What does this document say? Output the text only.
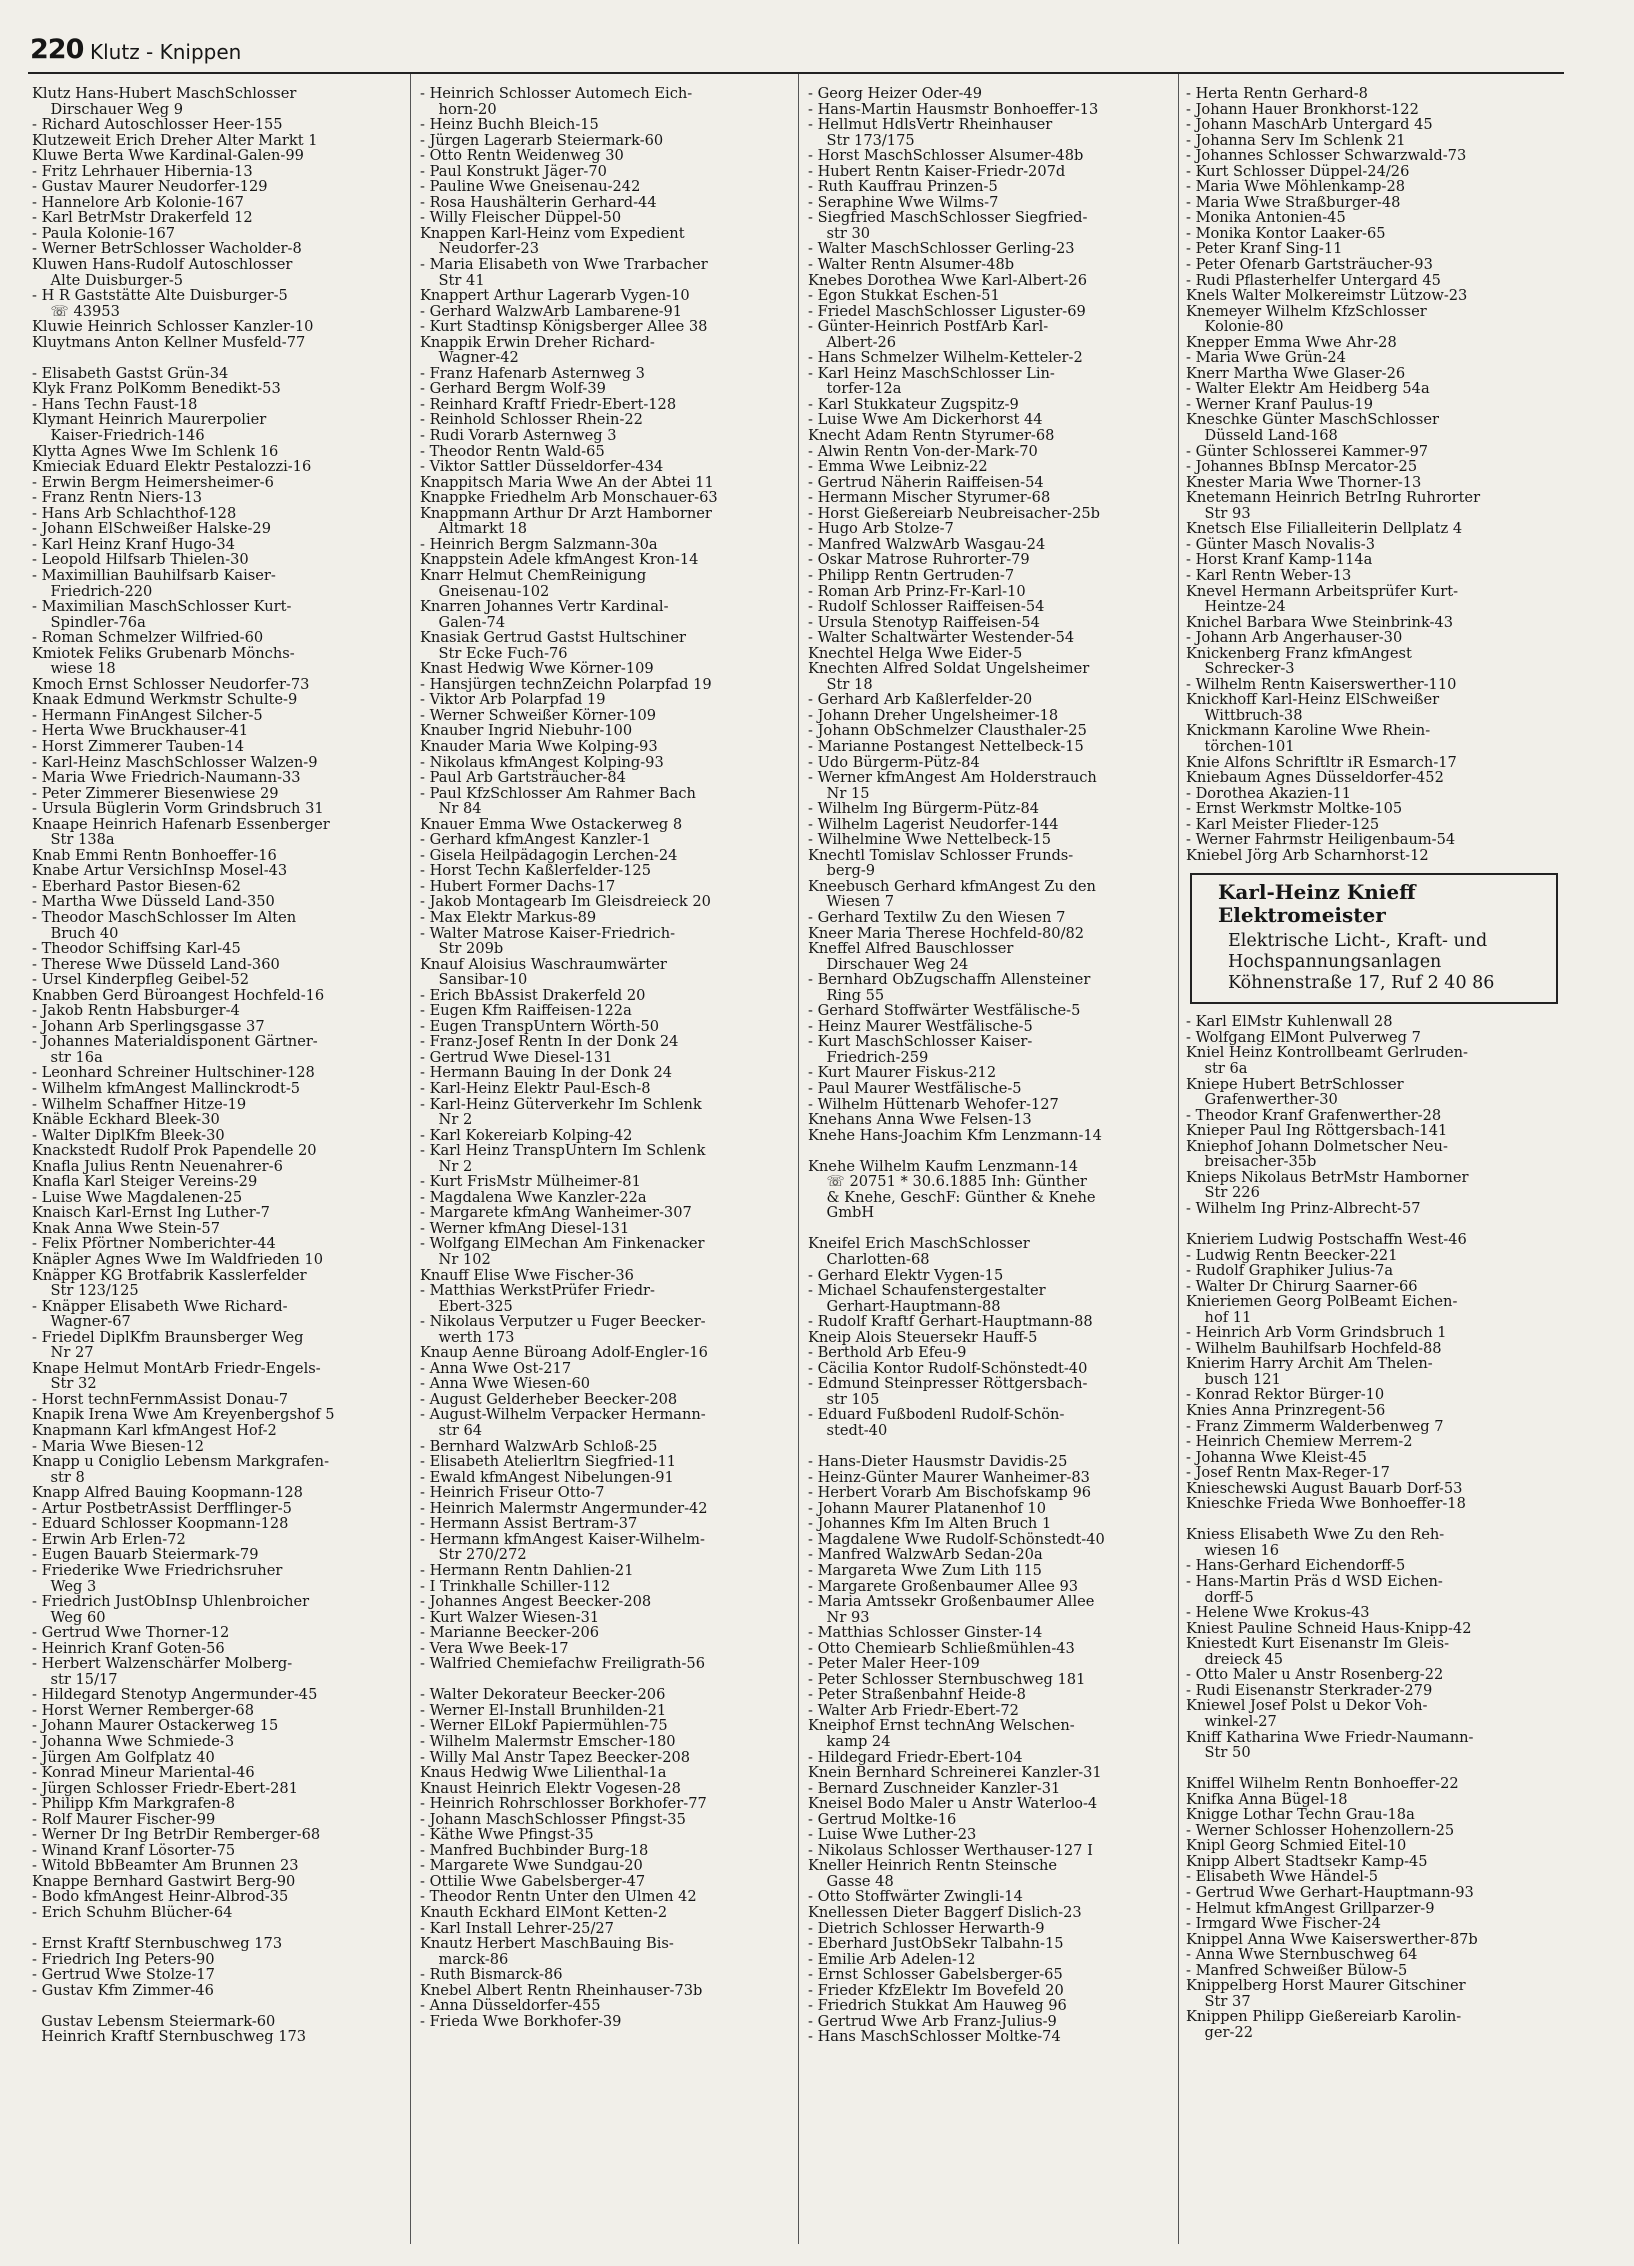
220 Klutz - Knippen
Klutz Hans-Hubert MaschSchlosser
Dirschauer Weg 9
- Richard Autoschlosser Heer-155
Klutzeweit Erich Dreher Alter Markt 1
Kluwe Berta Wwe Kardinal-Galen-99
- Fritz Lehrhauer Hibernia-13
- Gustav Maurer Neudorfer-129
- Hannelore Arb Kolonie-167
- Karl BetrMstr Drakerfeld 12
- Paula Kolonie-167
- Werner BetrSchlosser Wacholder-8
Kluwen Hans-Rudolf Autoschlosser
Alte Duisburger-5
- H R Gaststätte Alte Duisburger-5
☏ 43953
Kluwie Heinrich Schlosser Kanzler-10
Kluytmans Anton Kellner Musfeld-77

- Elisabeth Gastst Grün-34
Klyk Franz PolKomm Benedikt-53
- Hans Techn Faust-18
Klymant Heinrich Maurerpolier
Kaiser-Friedrich-146
Klytta Agnes Wwe Im Schlenk 16
Kmieciak Eduard Elektr Pestalozzi-16
- Erwin Bergm Heimersheimer-6
- Franz Rentn Niers-13
- Hans Arb Schlachthof-128
- Johann ElSchweißer Halske-29
- Karl Heinz Kranf Hugo-34
- Leopold Hilfsarb Thielen-30
- Maximillian Bauhilfsarb Kaiser-
Friedrich-220
- Maximilian MaschSchlosser Kurt-
Spindler-76a
- Roman Schmelzer Wilfried-60
Kmiotek Feliks Grubenarb Mönchs-
wiese 18
Kmoch Ernst Schlosser Neudorfer-73
Knaak Edmund Werkmstr Schulte-9
- Hermann FinAngest Silcher-5
- Herta Wwe Bruckhauser-41
- Horst Zimmerer Tauben-14
- Karl-Heinz MaschSchlosser Walzen-9
- Maria Wwe Friedrich-Naumann-33
- Peter Zimmerer Biesenwiese 29
- Ursula Büglerin Vorm Grindsbruch 31
Knaape Heinrich Hafenarb Essenberger
Str 138a
Knab Emmi Rentn Bonhoeffer-16
Knabe Artur VersichInsp Mosel-43
- Eberhard Pastor Biesen-62
- Martha Wwe Düsseld Land-350
- Theodor MaschSchlosser Im Alten
Bruch 40
- Theodor Schiffsing Karl-45
- Therese Wwe Düsseld Land-360
- Ursel Kinderpfleg Geibel-52
Knabben Gerd Büroangest Hochfeld-16
- Jakob Rentn Habsburger-4
- Johann Arb Sperlingsgasse 37
- Johannes Materialdisponent Gärtner-
str 16a
- Leonhard Schreiner Hultschiner-128
- Wilhelm kfmAngest Mallinckrodt-5
- Wilhelm Schaffner Hitze-19
Knäble Eckhard Bleek-30
- Walter DiplKfm Bleek-30
Knackstedt Rudolf Prok Papendelle 20
Knafla Julius Rentn Neuenahrer-6
Knafla Karl Steiger Vereins-29
- Luise Wwe Magdalenen-25
Knaisch Karl-Ernst Ing Luther-7
Knak Anna Wwe Stein-57
- Felix Pförtner Nomberichter-44
Knäpler Agnes Wwe Im Waldfrieden 10
Knäpper KG Brotfabrik Kasslerfelder
Str 123/125
- Knäpper Elisabeth Wwe Richard-
Wagner-67
- Friedel DiplKfm Braunsberger Weg
Nr 27
Knape Helmut MontArb Friedr-Engels-
Str 32
- Horst technFernmAssist Donau-7
Knapik Irena Wwe Am Kreyenbergshof 5
Knapmann Karl kfmAngest Hof-2
- Maria Wwe Biesen-12
Knapp u Coniglio Lebensm Markgrafen-
str 8
Knapp Alfred Bauing Koopmann-128
- Artur PostbetrAssist Derfflinger-5
- Eduard Schlosser Koopmann-128
- Erwin Arb Erlen-72
- Eugen Bauarb Steiermark-79
- Friederike Wwe Friedrichsruher
Weg 3
- Friedrich JustObInsp Uhlenbroicher
Weg 60
- Gertrud Wwe Thorner-12
- Heinrich Kranf Goten-56
- Herbert Walzenschärfer Molberg-
str 15/17
- Hildegard Stenotyp Angermunder-45
- Horst Werner Remberger-68
- Johann Maurer Ostackerweg 15
- Johanna Wwe Schmiede-3
- Jürgen Am Golfplatz 40
- Konrad Mineur Mariental-46
- Jürgen Schlosser Friedr-Ebert-281
- Philipp Kfm Markgrafen-8
- Rolf Maurer Fischer-99
- Werner Dr Ing BetrDir Remberger-68
- Winand Kranf Lösorter-75
- Witold BbBeamter Am Brunnen 23
Knappe Bernhard Gastwirt Berg-90
- Bodo kfmAngest Heinr-Albrod-35
- Erich Schuhm Blücher-64

- Ernst Kraftf Sternbuschweg 173
- Friedrich Ing Peters-90
- Gertrud Wwe Stolze-17
- Gustav Kfm Zimmer-46

Gustav Lebensm Steiermark-60
Heinrich Kraftf Sternbuschweg 173
- Heinrich Schlosser Automech Eich-
horn-20
- Heinz Buchh Bleich-15
- Jürgen Lagerarb Steiermark-60
- Otto Rentn Weidenweg 30
- Paul Konstrukt Jäger-70
- Pauline Wwe Gneisenau-242
- Rosa Haushälterin Gerhard-44
- Willy Fleischer Düppel-50
Knappen Karl-Heinz vom Expedient
Neudorfer-23
- Maria Elisabeth von Wwe Trarbacher
Str 41
Knappert Arthur Lagerarb Vygen-10
- Gerhard WalzwArb Lambarene-91
- Kurt Stadtinsp Königsberger Allee 38
Knappik Erwin Dreher Richard-
Wagner-42
- Franz Hafenarb Asternweg 3
- Gerhard Bergm Wolf-39
- Reinhard Kraftf Friedr-Ebert-128
- Reinhold Schlosser Rhein-22
- Rudi Vorarb Asternweg 3
- Theodor Rentn Wald-65
- Viktor Sattler Düsseldorfer-434
Knappitsch Maria Wwe An der Abtei 11
Knappke Friedhelm Arb Monschauer-63
Knappmann Arthur Dr Arzt Hamborner
Altmarkt 18
- Heinrich Bergm Salzmann-30a
Knappstein Adele kfmAngest Kron-14
Knarr Helmut ChemReinigung
Gneisenau-102
Knarren Johannes Vertr Kardinal-
Galen-74
Knasiak Gertrud Gastst Hultschiner
Str Ecke Fuch-76
Knast Hedwig Wwe Körner-109
- Hansjürgen technZeichn Polarpfad 19
- Viktor Arb Polarpfad 19
- Werner Schweißer Körner-109
Knauber Ingrid Niebuhr-100
Knauder Maria Wwe Kolping-93
- Nikolaus kfmAngest Kolping-93
- Paul Arb Gartsträucher-84
- Paul KfzSchlosser Am Rahmer Bach
Nr 84
Knauer Emma Wwe Ostackerweg 8
- Gerhard kfmAngest Kanzler-1
- Gisela Heilpädagogin Lerchen-24
- Horst Techn Kaßlerfelder-125
- Hubert Former Dachs-17
- Jakob Montagearb Im Gleisdreieck 20
- Max Elektr Markus-89
- Walter Matrose Kaiser-Friedrich-
Str 209b
Knauf Aloisius Waschraumwärter
Sansibar-10
- Erich BbAssist Drakerfeld 20
- Eugen Kfm Raiffeisen-122a
- Eugen TranspUntern Wörth-50
- Franz-Josef Rentn In der Donk 24
- Gertrud Wwe Diesel-131
- Hermann Bauing In der Donk 24
- Karl-Heinz Elektr Paul-Esch-8
- Karl-Heinz Güterverkehr Im Schlenk
Nr 2
- Karl Kokereiarb Kolping-42
- Karl Heinz TranspUntern Im Schlenk
Nr 2
- Kurt FrisMstr Mülheimer-81
- Magdalena Wwe Kanzler-22a
- Margarete kfmAng Wanheimer-307
- Werner kfmAng Diesel-131
- Wolfgang ElMechan Am Finkenacker
Nr 102
Knauff Elise Wwe Fischer-36
- Matthias WerkstPrüfer Friedr-
Ebert-325
- Nikolaus Verputzer u Fuger Beecker-
werth 173
Knaup Aenne Büroang Adolf-Engler-16
- Anna Wwe Ost-217
- Anna Wwe Wiesen-60
- August Gelderheber Beecker-208
- August-Wilhelm Verpacker Hermann-
str 64
- Bernhard WalzwArb Schloß-25
- Elisabeth Atelierltrn Siegfried-11
- Ewald kfmAngest Nibelungen-91
- Heinrich Friseur Otto-7
- Heinrich Malermstr Angermunder-42
- Hermann Assist Bertram-37
- Hermann kfmAngest Kaiser-Wilhelm-
Str 270/272
- Hermann Rentn Dahlien-21
- I Trinkhalle Schiller-112
- Johannes Angest Beecker-208
- Kurt Walzer Wiesen-31
- Marianne Beecker-206
- Vera Wwe Beek-17
- Walfried Chemiefachw Freiligrath-56

- Walter Dekorateur Beecker-206
- Werner El-Install Brunhilden-21
- Werner ElLokf Papiermühlen-75
- Wilhelm Malermstr Emscher-180
- Willy Mal Anstr Tapez Beecker-208
Knaus Hedwig Wwe Lilienthal-1a
Knaust Heinrich Elektr Vogesen-28
- Heinrich Rohrschlosser Borkhofer-77
- Johann MaschSchlosser Pfingst-35
- Käthe Wwe Pfingst-35
- Manfred Buchbinder Burg-18
- Margarete Wwe Sundgau-20
- Ottilie Wwe Gabelsberger-47
- Theodor Rentn Unter den Ulmen 42
Knauth Eckhard ElMont Ketten-2
- Karl Install Lehrer-25/27
Knautz Herbert MaschBauing Bis-
marck-86
- Ruth Bismarck-86
Knebel Albert Rentn Rheinhauser-73b
- Anna Düsseldorfer-455
- Frieda Wwe Borkhofer-39
- Georg Heizer Oder-49
- Hans-Martin Hausmstr Bonhoeffer-13
- Hellmut HdlsVertr Rheinhauser
Str 173/175
- Horst MaschSchlosser Alsumer-48b
- Hubert Rentn Kaiser-Friedr-207d
- Ruth Kauffrau Prinzen-5
- Seraphine Wwe Wilms-7
- Siegfried MaschSchlosser Siegfried-
str 30
- Walter MaschSchlosser Gerling-23
- Walter Rentn Alsumer-48b
Knebes Dorothea Wwe Karl-Albert-26
- Egon Stukkat Eschen-51
- Friedel MaschSchlosser Liguster-69
- Günter-Heinrich PostfArb Karl-
Albert-26
- Hans Schmelzer Wilhelm-Ketteler-2
- Karl Heinz MaschSchlosser Lin-
torfer-12a
- Karl Stukkateur Zugspitz-9
- Luise Wwe Am Dickerhorst 44
Knecht Adam Rentn Styrumer-68
- Alwin Rentn Von-der-Mark-70
- Emma Wwe Leibniz-22
- Gertrud Näherin Raiffeisen-54
- Hermann Mischer Styrumer-68
- Horst Gießereiarb Neubreisacher-25b
- Hugo Arb Stolze-7
- Manfred WalzwArb Wasgau-24
- Oskar Matrose Ruhrorter-79
- Philipp Rentn Gertruden-7
- Roman Arb Prinz-Fr-Karl-10
- Rudolf Schlosser Raiffeisen-54
- Ursula Stenotyp Raiffeisen-54
- Walter Schaltwärter Westender-54
Knechtel Helga Wwe Eider-5
Knechten Alfred Soldat Ungelsheimer
Str 18
- Gerhard Arb Kaßlerfelder-20
- Johann Dreher Ungelsheimer-18
- Johann ObSchmelzer Clausthaler-25
- Marianne Postangest Nettelbeck-15
- Udo Bürgerm-Pütz-84
- Werner kfmAngest Am Holderstrauch
Nr 15
- Wilhelm Ing Bürgerm-Pütz-84
- Wilhelm Lagerist Neudorfer-144
- Wilhelmine Wwe Nettelbeck-15
Knechtl Tomislav Schlosser Frunds-
berg-9
Kneebusch Gerhard kfmAngest Zu den
Wiesen 7
- Gerhard Textilw Zu den Wiesen 7
Kneer Maria Therese Hochfeld-80/82
Kneffel Alfred Bauschlosser
Dirschauer Weg 24
- Bernhard ObZugschaffn Allensteiner
Ring 55
- Gerhard Stoffwärter Westfälische-5
- Heinz Maurer Westfälische-5
- Kurt MaschSchlosser Kaiser-
Friedrich-259
- Kurt Maurer Fiskus-212
- Paul Maurer Westfälische-5
- Wilhelm Hüttenarb Wehofer-127
Knehans Anna Wwe Felsen-13
Knehe Hans-Joachim Kfm Lenzmann-14

Knehe Wilhelm Kaufm Lenzmann-14
☏ 20751 * 30.6.1885 Inh: Günther
& Knehe, GeschF: Günther & Knehe
GmbH

Kneifel Erich MaschSchlosser
Charlotten-68
- Gerhard Elektr Vygen-15
- Michael Schaufenstergestalter
Gerhart-Hauptmann-88
- Rudolf Kraftf Gerhart-Hauptmann-88
Kneip Alois Steuersekr Hauff-5
- Berthold Arb Efeu-9
- Cäcilia Kontor Rudolf-Schönstedt-40
- Edmund Steinpresser Röttgersbach-
str 105
- Eduard Fußbodenl Rudolf-Schön-
stedt-40

- Hans-Dieter Hausmstr Davidis-25
- Heinz-Günter Maurer Wanheimer-83
- Herbert Vorarb Am Bischofskamp 96
- Johann Maurer Platanenhof 10
- Johannes Kfm Im Alten Bruch 1
- Magdalene Wwe Rudolf-Schönstedt-40
- Manfred WalzwArb Sedan-20a
- Margareta Wwe Zum Lith 115
- Margarete Großenbaumer Allee 93
- Maria Amtssekr Großenbaumer Allee
Nr 93
- Matthias Schlosser Ginster-14
- Otto Chemiearb Schließmühlen-43
- Peter Maler Heer-109
- Peter Schlosser Sternbuschweg 181
- Peter Straßenbahnf Heide-8
- Walter Arb Friedr-Ebert-72
Kneiphof Ernst technAng Welschen-
kamp 24
- Hildegard Friedr-Ebert-104
Knein Bernhard Schreinerei Kanzler-31
- Bernard Zuschneider Kanzler-31
Kneisel Bodo Maler u Anstr Waterloo-4
- Gertrud Moltke-16
- Luise Wwe Luther-23
- Nikolaus Schlosser Werthauser-127 I
Kneller Heinrich Rentn Steinsche
Gasse 48
- Otto Stoffwärter Zwingli-14
Knellessen Dieter Baggerf Dislich-23
- Dietrich Schlosser Herwarth-9
- Eberhard JustObSekr Talbahn-15
- Emilie Arb Adelen-12
- Ernst Schlosser Gabelsberger-65
- Frieder KfzElektr Im Bovefeld 20
- Friedrich Stukkat Am Hauweg 96
- Gertrud Wwe Arb Franz-Julius-9
- Hans MaschSchlosser Moltke-74
- Herta Rentn Gerhard-8
- Johann Hauer Bronkhorst-122
- Johann MaschArb Untergard 45
- Johanna Serv Im Schlenk 21
- Johannes Schlosser Schwarzwald-73
- Kurt Schlosser Düppel-24/26
- Maria Wwe Möhlenkamp-28
- Maria Wwe Straßburger-48
- Monika Antonien-45
- Monika Kontor Laaker-65
- Peter Kranf Sing-11
- Peter Ofenarb Gartsträucher-93
- Rudi Pflasterhelfer Untergard 45
Knels Walter Molkereimstr Lützow-23
Knemeyer Wilhelm KfzSchlosser
Kolonie-80
Knepper Emma Wwe Ahr-28
- Maria Wwe Grün-24
Knerr Martha Wwe Glaser-26
- Walter Elektr Am Heidberg 54a
- Werner Kranf Paulus-19
Kneschke Günter MaschSchlosser
Düsseld Land-168
- Günter Schlosserei Kammer-97
- Johannes BbInsp Mercator-25
Knester Maria Wwe Thorner-13
Knetemann Heinrich BetrIng Ruhrorter
Str 93
Knetsch Else Filialleiterin Dellplatz 4
- Günter Masch Novalis-3
- Horst Kranf Kamp-114a
- Karl Rentn Weber-13
Knevel Hermann Arbeitsprüfer Kurt-
Heintze-24
Knichel Barbara Wwe Steinbrink-43
- Johann Arb Angerhauser-30
Knickenberg Franz kfmAngest
Schrecker-3
- Wilhelm Rentn Kaiserswerther-110
Knickhoff Karl-Heinz ElSchweißer
Wittbruch-38
Knickmann Karoline Wwe Rhein-
törchen-101
Knie Alfons Schriftltr iR Esmarch-17
Kniebaum Agnes Düsseldorfer-452
- Dorothea Akazien-11
- Ernst Werkmstr Moltke-105
- Karl Meister Flieder-125
- Werner Fahrmstr Heiligenbaum-54
Kniebel Jörg Arb Scharnhorst-12
Karl-Heinz Knieff
Elektromeister
Elektrische Licht-, Kraft- und
Hochspannungsanlagen
Köhnenstraße 17, Ruf 2 40 86
- Karl ElMstr Kuhlenwall 28
- Wolfgang ElMont Pulverweg 7
Kniel Heinz Kontrollbeamt Gerlruden-
str 6a
Kniepe Hubert BetrSchlosser
Grafenwerther-30
- Theodor Kranf Grafenwerther-28
Knieper Paul Ing Röttgersbach-141
Kniephof Johann Dolmetscher Neu-
breisacher-35b
Knieps Nikolaus BetrMstr Hamborner
Str 226
- Wilhelm Ing Prinz-Albrecht-57

Knieriem Ludwig Postschaffn West-46
- Ludwig Rentn Beecker-221
- Rudolf Graphiker Julius-7a
- Walter Dr Chirurg Saarner-66
Knieriemen Georg PolBeamt Eichen-
hof 11
- Heinrich Arb Vorm Grindsbruch 1
- Wilhelm Bauhilfsarb Hochfeld-88
Knierim Harry Archit Am Thelen-
busch 121
- Konrad Rektor Bürger-10
Knies Anna Prinzregent-56
- Franz Zimmerm Walderbenweg 7
- Heinrich Chemiew Merrem-2
- Johanna Wwe Kleist-45
- Josef Rentn Max-Reger-17
Knieschewski August Bauarb Dorf-53
Knieschke Frieda Wwe Bonhoeffer-18

Kniess Elisabeth Wwe Zu den Reh-
wiesen 16
- Hans-Gerhard Eichendorff-5
- Hans-Martin Präs d WSD Eichen-
dorff-5
- Helene Wwe Krokus-43
Kniest Pauline Schneid Haus-Knipp-42
Kniestedt Kurt Eisenanstr Im Gleis-
dreieck 45
- Otto Maler u Anstr Rosenberg-22
- Rudi Eisenanstr Sterkrader-279
Kniewel Josef Polst u Dekor Voh-
winkel-27
Kniff Katharina Wwe Friedr-Naumann-
Str 50

Kniffel Wilhelm Rentn Bonhoeffer-22
Knifka Anna Bügel-18
Knigge Lothar Techn Grau-18a
- Werner Schlosser Hohenzollern-25
Knipl Georg Schmied Eitel-10
Knipp Albert Stadtsekr Kamp-45
- Elisabeth Wwe Händel-5
- Gertrud Wwe Gerhart-Hauptmann-93
- Helmut kfmAngest Grillparzer-9
- Irmgard Wwe Fischer-24
Knippel Anna Wwe Kaiserswerther-87b
- Anna Wwe Sternbuschweg 64
- Manfred Schweißer Bülow-5
Knippelberg Horst Maurer Gitschiner
Str 37
Knippen Philipp Gießereiarb Karolin-
ger-22
